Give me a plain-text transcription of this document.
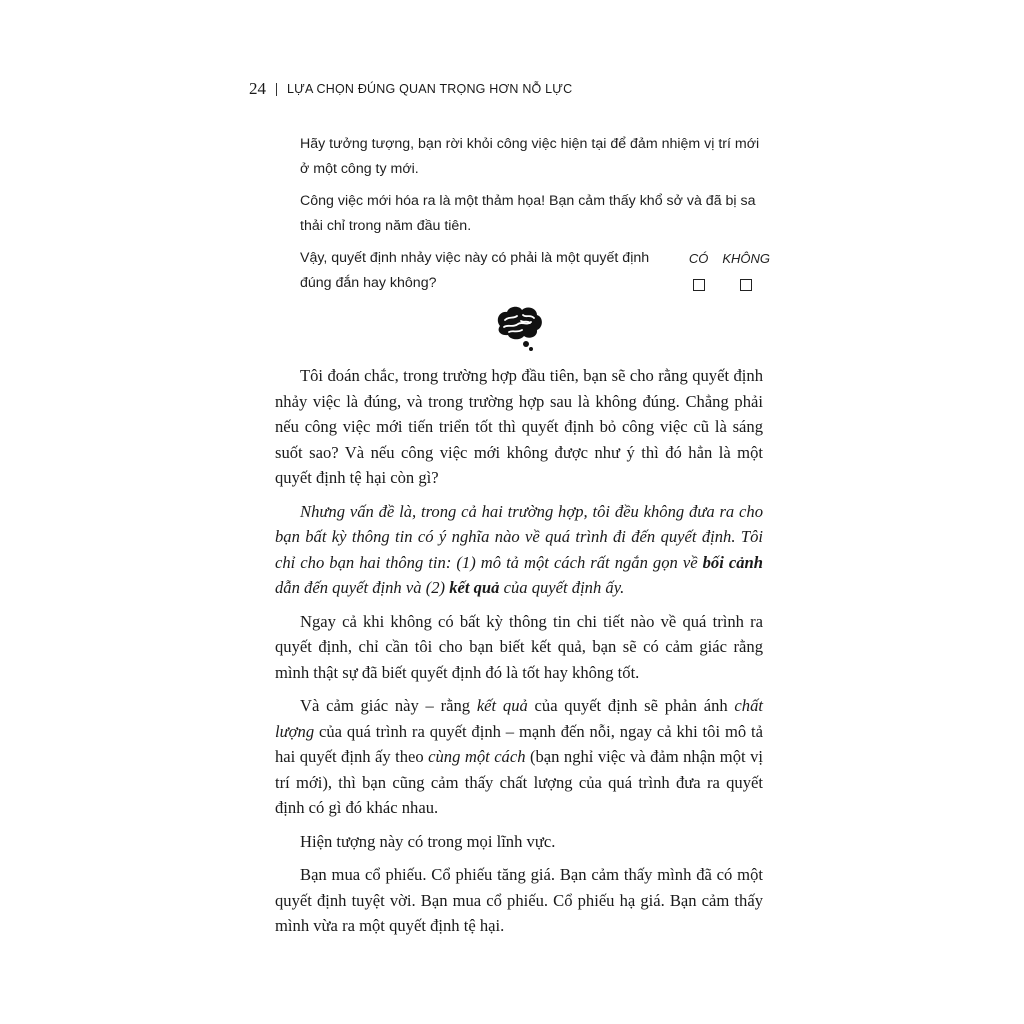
24 LỰA CHỌN ĐÚNG QUAN TRỌNG HƠN NỖ LỰC

Hãy tưởng tượng, bạn rời khỏi công việc hiện tại để đảm nhiệm vị trí mới ở một công ty mới.

Công việc mới hóa ra là một thảm họa! Bạn cảm thấy khổ sở và đã bị sa thải chỉ trong năm đầu tiên.

Vậy, quyết định nhảy việc này có phải là một quyết định đúng đắn hay không?
CÓ KHÔNG

Tôi đoán chắc, trong trường hợp đầu tiên, bạn sẽ cho rằng quyết định nhảy việc là đúng, và trong trường hợp sau là không đúng. Chẳng phải nếu công việc mới tiến triển tốt thì quyết định bỏ công việc cũ là sáng suốt sao? Và nếu công việc mới không được như ý thì đó hẳn là một quyết định tệ hại còn gì?

Nhưng vấn đề là, trong cả hai trường hợp, tôi đều không đưa ra cho bạn bất kỳ thông tin có ý nghĩa nào về quá trình đi đến quyết định. Tôi chỉ cho bạn hai thông tin: (1) mô tả một cách rất ngắn gọn về bối cảnh dẫn đến quyết định và (2) kết quả của quyết định ấy.

Ngay cả khi không có bất kỳ thông tin chi tiết nào về quá trình ra quyết định, chỉ cần tôi cho bạn biết kết quả, bạn sẽ có cảm giác rằng mình thật sự đã biết quyết định đó là tốt hay không tốt.

Và cảm giác này – rằng kết quả của quyết định sẽ phản ánh chất lượng của quá trình ra quyết định – mạnh đến nỗi, ngay cả khi tôi mô tả hai quyết định ấy theo cùng một cách (bạn nghỉ việc và đảm nhận một vị trí mới), thì bạn cũng cảm thấy chất lượng của quá trình đưa ra quyết định có gì đó khác nhau.

Hiện tượng này có trong mọi lĩnh vực.

Bạn mua cổ phiếu. Cổ phiếu tăng giá. Bạn cảm thấy mình đã có một quyết định tuyệt vời. Bạn mua cổ phiếu. Cổ phiếu hạ giá. Bạn cảm thấy mình vừa ra một quyết định tệ hại.
